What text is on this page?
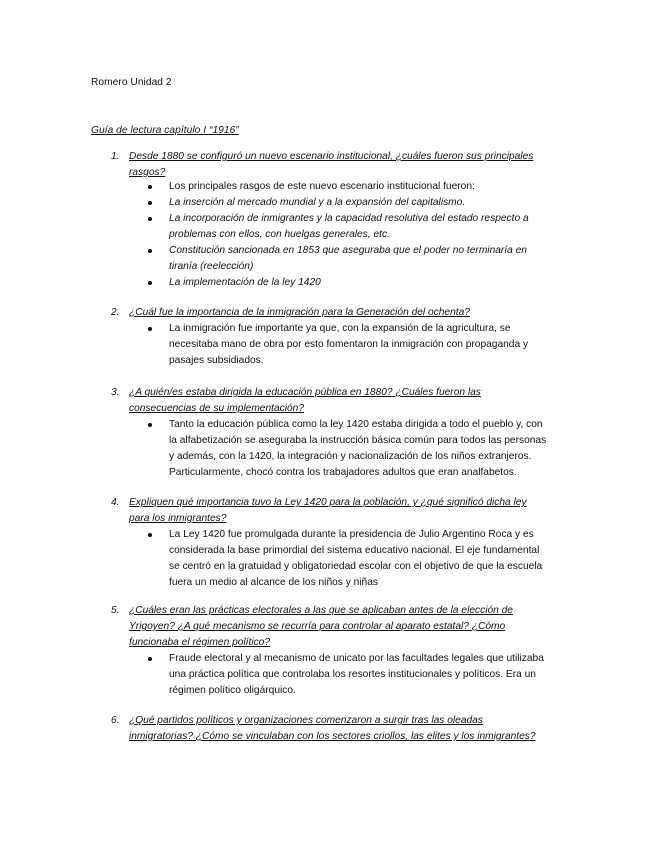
Romero Unidad 2
Guía de lectura capítulo I “1916”
1. Desde 1880 se configuró un nuevo escenario institucional, ¿cuáles fueron sus principales
rasgos?
Los principales rasgos de este nuevo escenario institucional fueron:
La inserción al mercado mundial y a la expansión del capitalismo.
La incorporación de inmigrantes y la capacidad resolutiva del estado respecto a
problemas con ellos, con huelgas generales, etc.
Constitución sancionada en 1853 que aseguraba que el poder no terminaría en
tiranía (reelección)
La implementación de la ley 1420
2. ¿Cuál fue la importancia de la inmigración para la Generación del ochenta?
La inmigración fue importante ya que, con la expansión de la agricultura, se
necesitaba mano de obra por esto fomentaron la inmigración con propaganda y
pasajes subsidiados.
3. ¿A quién/es estaba dirigida la educación pública en 1880? ¿Cuáles fueron las
consecuencias de su implementación?
Tanto la educación pública como la ley 1420 estaba dirigida a todo el pueblo y, con
la alfabetización se aseguraba la instrucción básica común para todos las personas
y además, con la 1420, la integración y nacionalización de los niños extranjeros.
Particularmente, chocó contra los trabajadores adultos que eran analfabetos.
4. Expliquen qué importancia tuvo la Ley 1420 para la población, y ¿qué significó dicha ley
para los inmigrantes?
La Ley 1420 fue promulgada durante la presidencia de Julio Argentino Roca y es
considerada la base primordial del sistema educativo nacional. El eje fundamental
se centró en la gratuidad y obligatoriedad escolar con el objetivo de que la escuela
fuera un medio al alcance de los niños y niñas
5. ¿Cuáles eran las prácticas electorales a las que se aplicaban antes de la elección de
Yrigoyen? ¿A qué mecanismo se recurría para controlar al aparato estatal? ¿Cómo
funcionaba el régimen político?
Fraude electoral y al mecanismo de unicato por las facultades legales que utilizaba
una práctica política que controlaba los resortes institucionales y políticos. Era un
régimen político oligárquico.
6. ¿Qué partidos políticos y organizaciones comenzaron a surgir tras las oleadas
inmigratorias? ¿Cómo se vinculaban con los sectores criollos, las elites y los inmigrantes?
